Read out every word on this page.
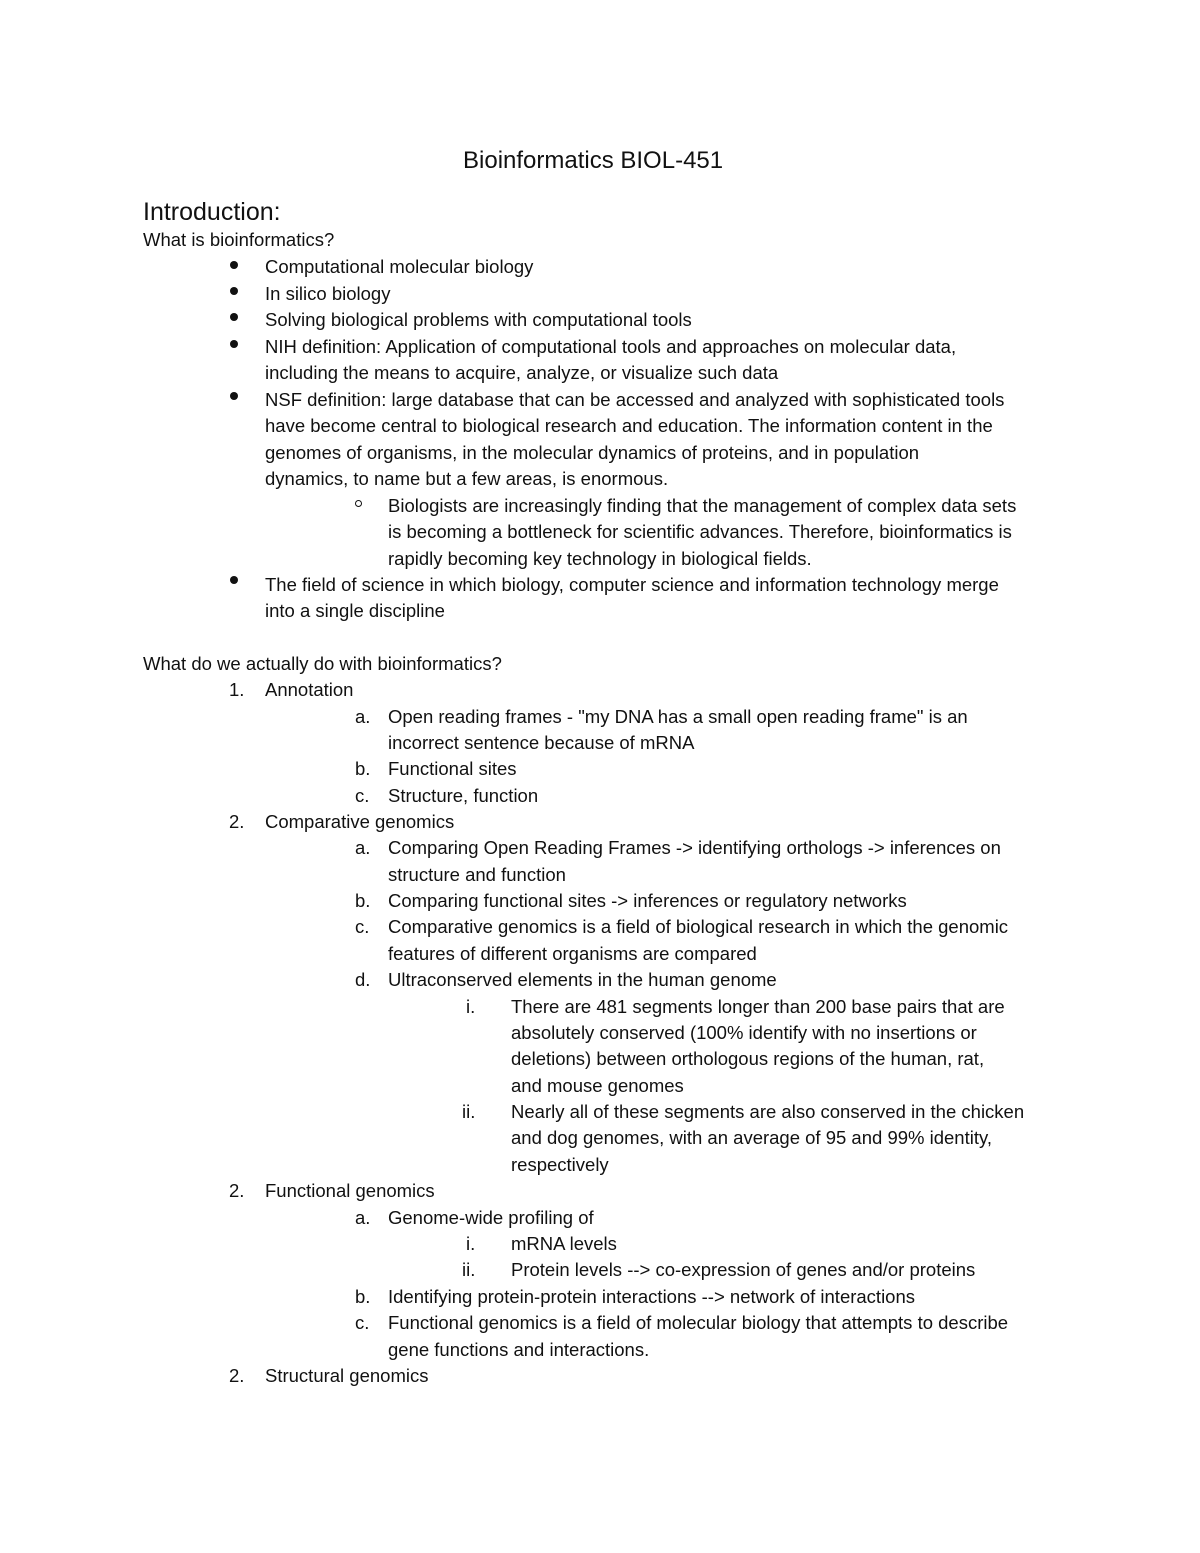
Bioinformatics BIOL-451
Introduction:
What is bioinformatics?
Computational molecular biology
In silico biology
Solving biological problems with computational tools
NIH definition: Application of computational tools and approaches on molecular data,
including the means to acquire, analyze, or visualize such data
NSF definition: large database that can be accessed and analyzed with sophisticated tools
have become central to biological research and education. The information content in the
genomes of organisms, in the molecular dynamics of proteins, and in population
dynamics, to name but a few areas, is enormous.
Biologists are increasingly finding that the management of complex data sets
is becoming a bottleneck for scientific advances. Therefore, bioinformatics is
rapidly becoming key technology in biological fields.
The field of science in which biology, computer science and information technology merge
into a single discipline
What do we actually do with bioinformatics?
1. Annotation
a. Open reading frames - "my DNA has a small open reading frame" is an
incorrect sentence because of mRNA
b. Functional sites
c. Structure, function
2. Comparative genomics
a. Comparing Open Reading Frames -> identifying orthologs -> inferences on
structure and function
b. Comparing functional sites -> inferences or regulatory networks
c. Comparative genomics is a field of biological research in which the genomic
features of different organisms are compared
d. Ultraconserved elements in the human genome
i. There are 481 segments longer than 200 base pairs that are
absolutely conserved (100% identify with no insertions or
deletions) between orthologous regions of the human, rat,
and mouse genomes
ii. Nearly all of these segments are also conserved in the chicken
and dog genomes, with an average of 95 and 99% identity,
respectively
2. Functional genomics
a. Genome-wide profiling of
i. mRNA levels
ii. Protein levels --> co-expression of genes and/or proteins
b. Identifying protein-protein interactions --> network of interactions
c. Functional genomics is a field of molecular biology that attempts to describe
gene functions and interactions.
2. Structural genomics
